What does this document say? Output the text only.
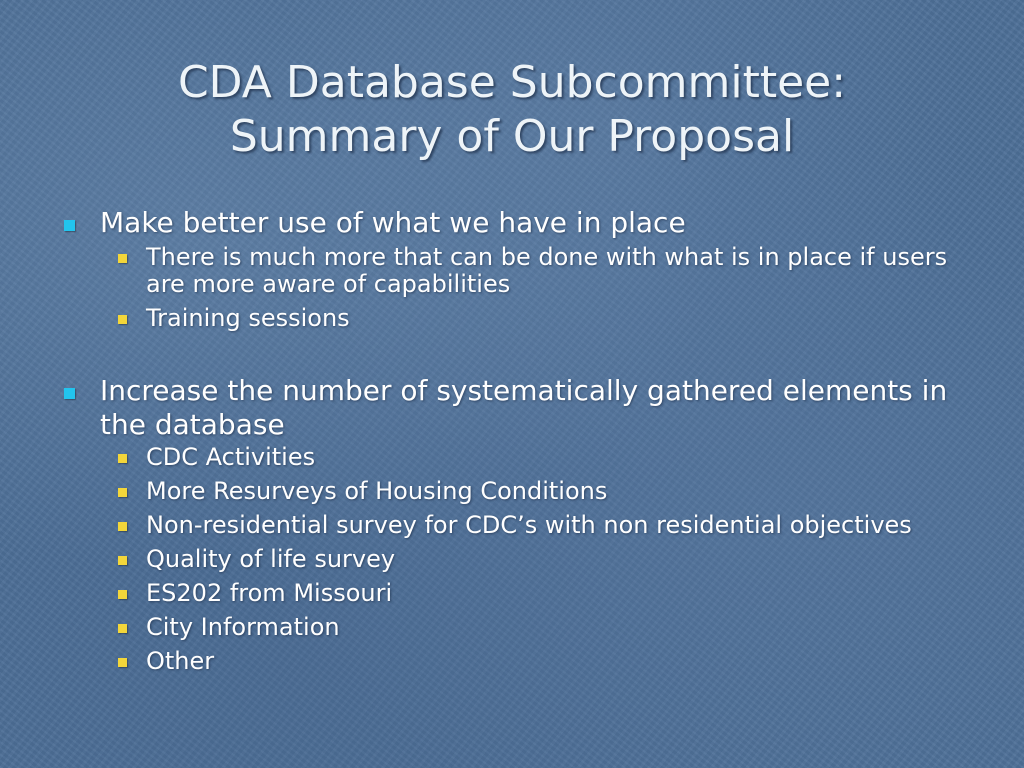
CDA Database Subcommittee:
Summary of Our Proposal
Make better use of what we have in place
There is much more that can be done with what is in place if users are more aware of capabilities
Training sessions
Increase the number of systematically gathered elements in the database
CDC Activities
More Resurveys of Housing Conditions
Non-residential survey for CDC’s with non residential objectives
Quality of life survey
ES202 from Missouri
City Information
Other
